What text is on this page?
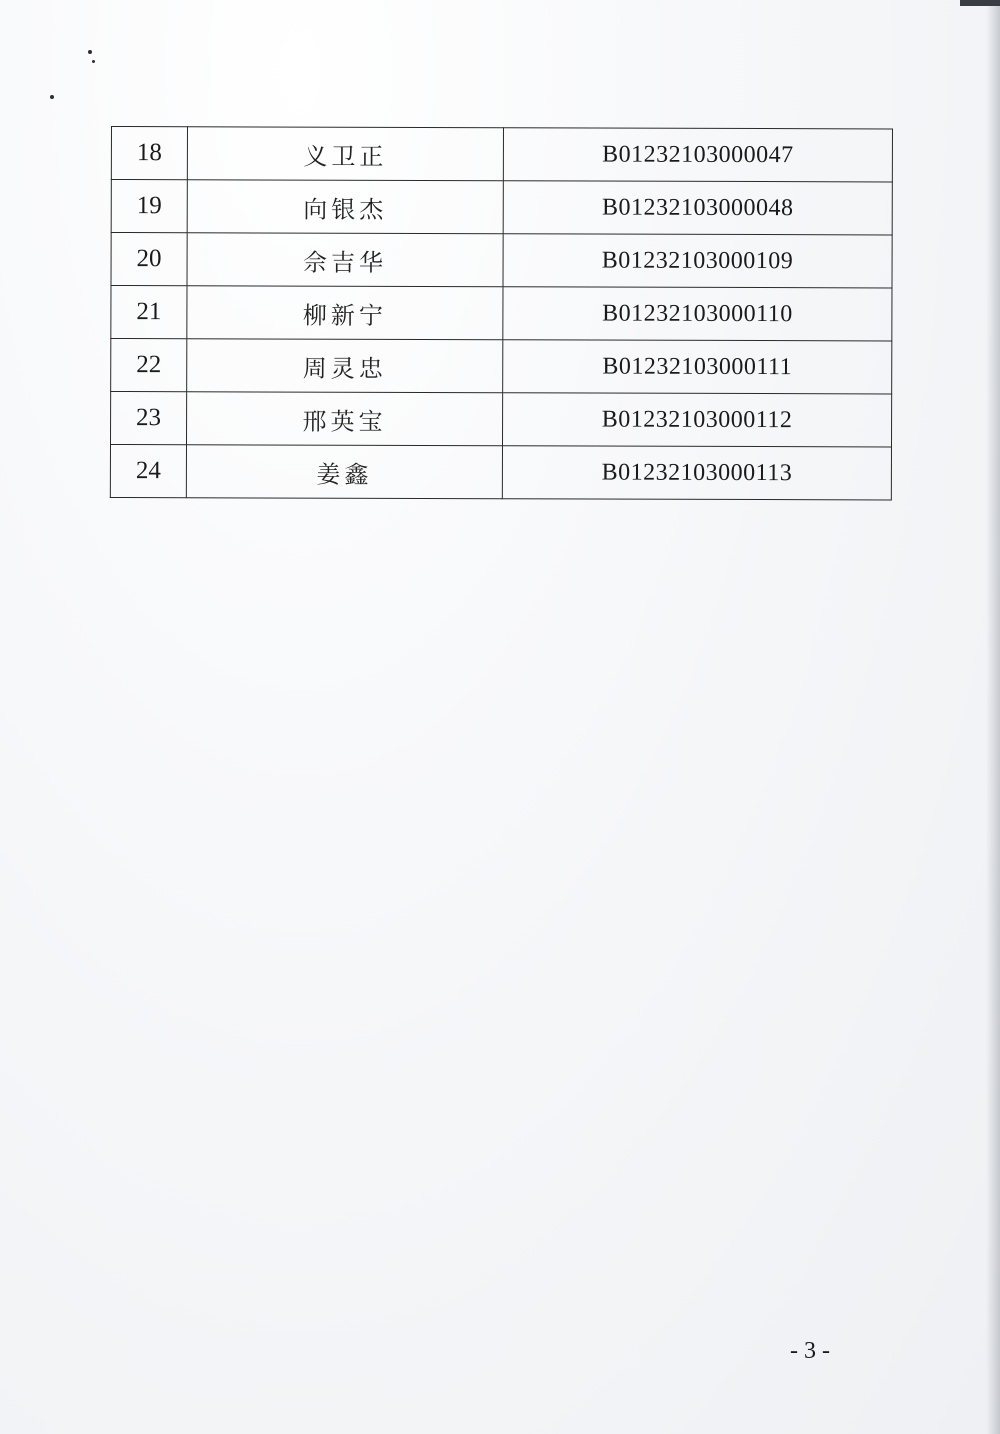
18	义卫正	B01232103000047
19	向银杰	B01232103000048
20	佘吉华	B01232103000109
21	柳新宁	B01232103000110
22	周灵忠	B01232103000111
23	邢英宝	B01232103000112
24	姜鑫	B01232103000113
- 3 -
